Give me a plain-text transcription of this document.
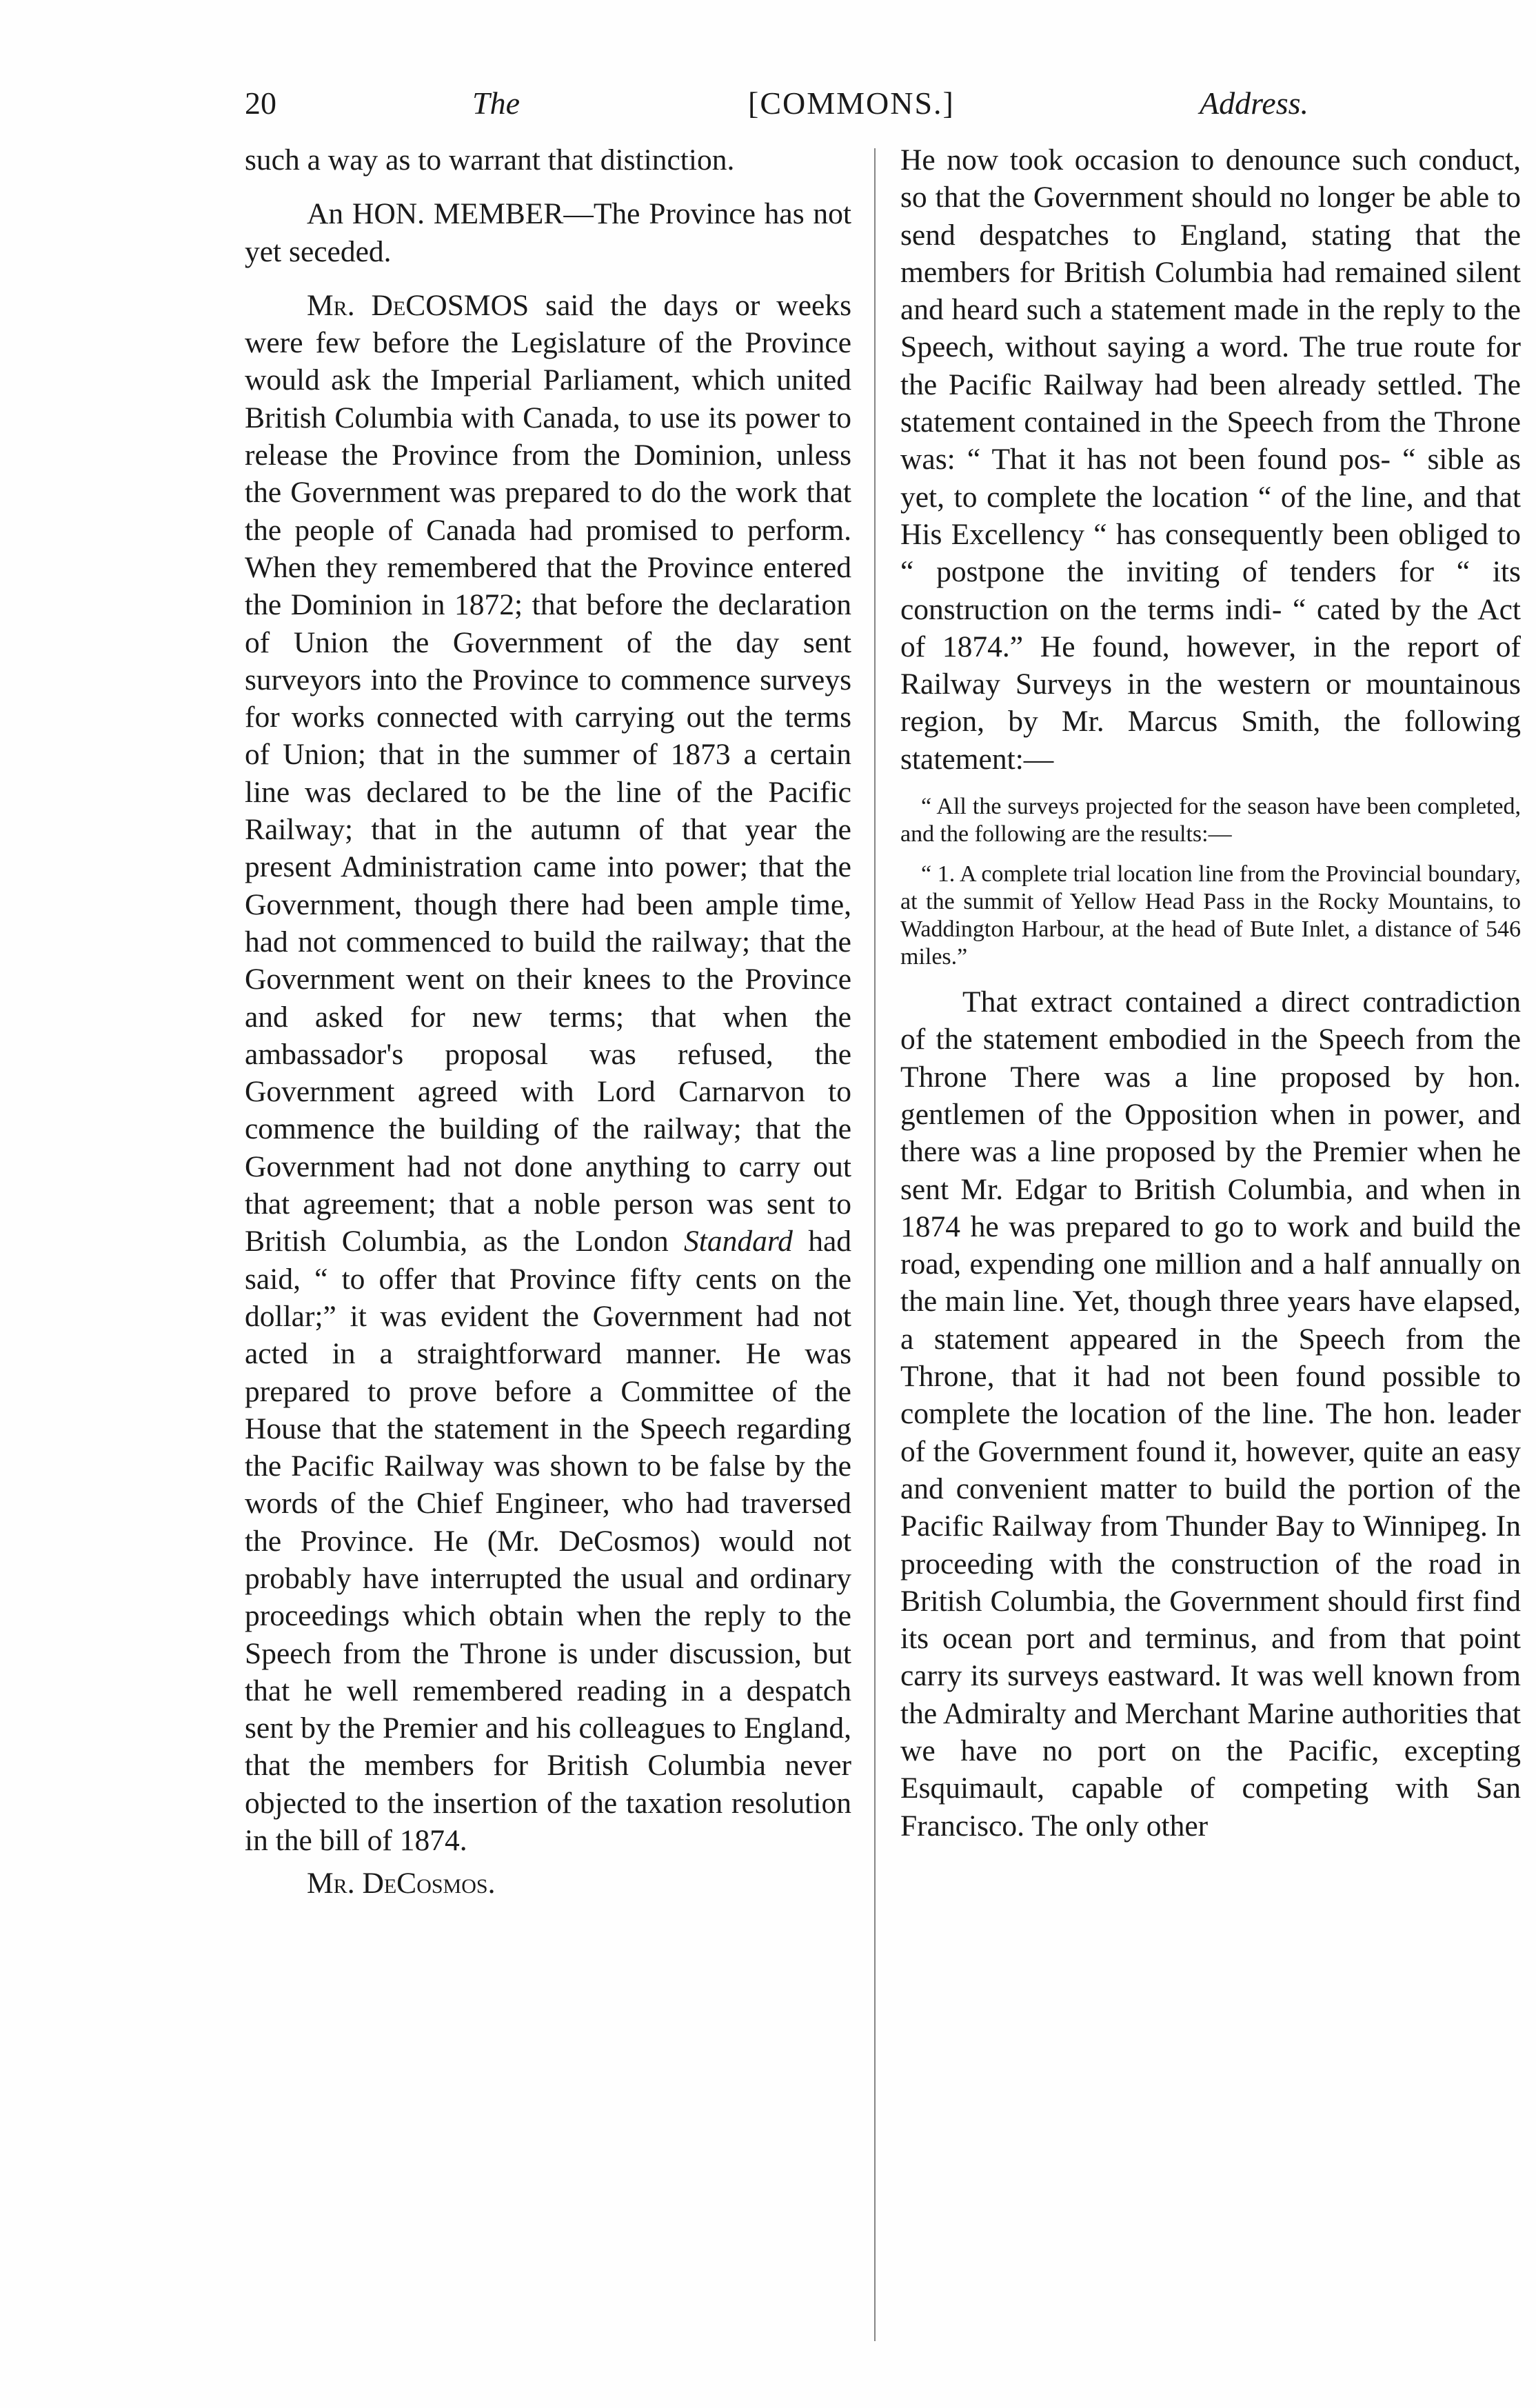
20	The	[COMMONS.]	Address.

such a way as to warrant that distinction.

An HON. MEMBER—The Province has not yet seceded.

Mr. DeCOSMOS said the days or weeks were few before the Legislature of the Province would ask the Imperial Parliament, which united British Columbia with Canada, to use its power to release the Province from the Dominion, unless the Government was prepared to do the work that the people of Canada had promised to perform. When they remembered that the Province entered the Dominion in 1872; that before the declaration of Union the Government of the day sent surveyors into the Province to commence surveys for works connected with carrying out the terms of Union; that in the summer of 1873 a certain line was declared to be the line of the Pacific Railway; that in the autumn of that year the present Administration came into power; that the Government, though there had been ample time, had not commenced to build the railway; that the Government went on their knees to the Province and asked for new terms; that when the ambassador's proposal was refused, the Government agreed with Lord Carnarvon to commence the building of the railway; that the Government had not done anything to carry out that agreement; that a noble person was sent to British Columbia, as the London Standard had said, “ to offer that Province fifty cents on the dollar;” it was evident the Government had not acted in a straightforward manner. He was prepared to prove before a Committee of the House that the statement in the Speech regarding the Pacific Railway was shown to be false by the words of the Chief Engineer, who had traversed the Province. He (Mr. DeCosmos) would not probably have interrupted the usual and ordinary proceedings which obtain when the reply to the Speech from the Throne is under discussion, but that he well remembered reading in a despatch sent by the Premier and his colleagues to England, that the members for British Columbia never objected to the insertion of the taxation resolution in the bill of 1874.

Mr. DeCosmos.

He now took occasion to denounce such conduct, so that the Government should no longer be able to send despatches to England, stating that the members for British Columbia had remained silent and heard such a statement made in the reply to the Speech, without saying a word. The true route for the Pacific Railway had been already settled. The statement contained in the Speech from the Throne was: “ That it has not been found pos- “ sible as yet, to complete the location “ of the line, and that His Excellency “ has consequently been obliged to “ postpone the inviting of tenders for “ its construction on the terms indi- “ cated by the Act of 1874.” He found, however, in the report of Railway Surveys in the western or mountainous region, by Mr. Marcus Smith, the following statement:—

“ All the surveys projected for the season have been completed, and the following are the results:—

“ 1. A complete trial location line from the Provincial boundary, at the summit of Yellow Head Pass in the Rocky Mountains, to Waddington Harbour, at the head of Bute Inlet, a distance of 546 miles.”

That extract contained a direct contradiction of the statement embodied in the Speech from the Throne There was a line proposed by hon. gentlemen of the Opposition when in power, and there was a line proposed by the Premier when he sent Mr. Edgar to British Columbia, and when in 1874 he was prepared to go to work and build the road, expending one million and a half annually on the main line. Yet, though three years have elapsed, a statement appeared in the Speech from the Throne, that it had not been found possible to complete the location of the line. The hon. leader of the Government found it, however, quite an easy and convenient matter to build the portion of the Pacific Railway from Thunder Bay to Winnipeg. In proceeding with the construction of the road in British Columbia, the Government should first find its ocean port and terminus, and from that point carry its surveys eastward. It was well known from the Admiralty and Merchant Marine authorities that we have no port on the Pacific, excepting Esquimault, capable of competing with San Francisco. The only other
